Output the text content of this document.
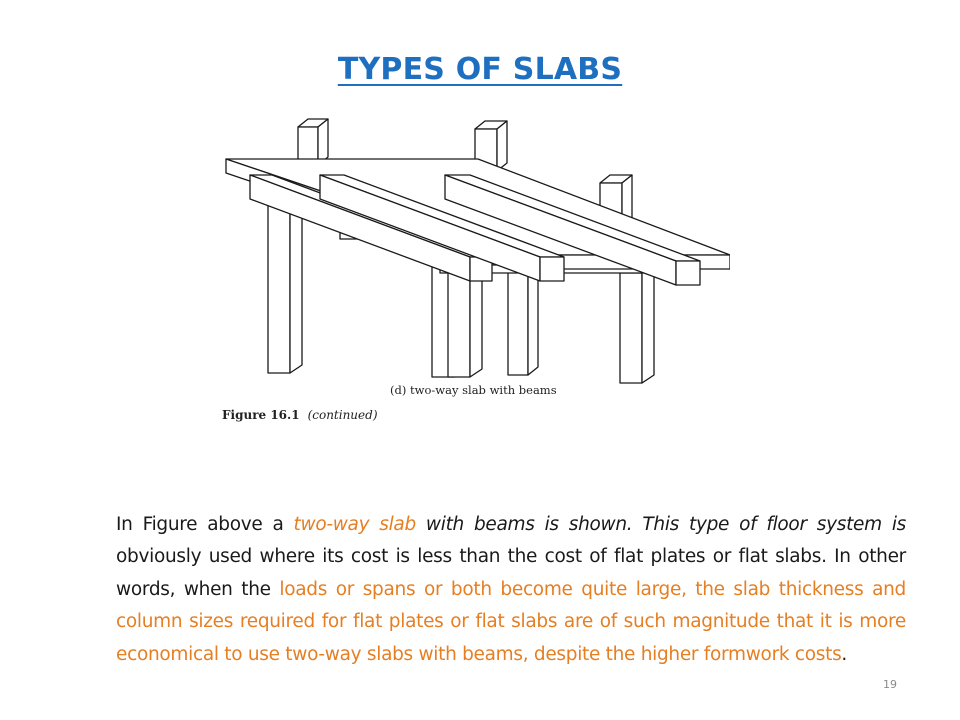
TYPES OF SLABS
(d) two-way slab with beams
Figure 16.1 (continued)

In Figure above a two-way slab with beams is shown. This type of floor system is obviously used where its cost is less than the cost of flat plates or flat slabs. In other words, when the loads or spans or both become quite large, the slab thickness and column sizes required for flat plates or flat slabs are of such magnitude that it is more economical to use two-way slabs with beams, despite the higher formwork costs.

19
